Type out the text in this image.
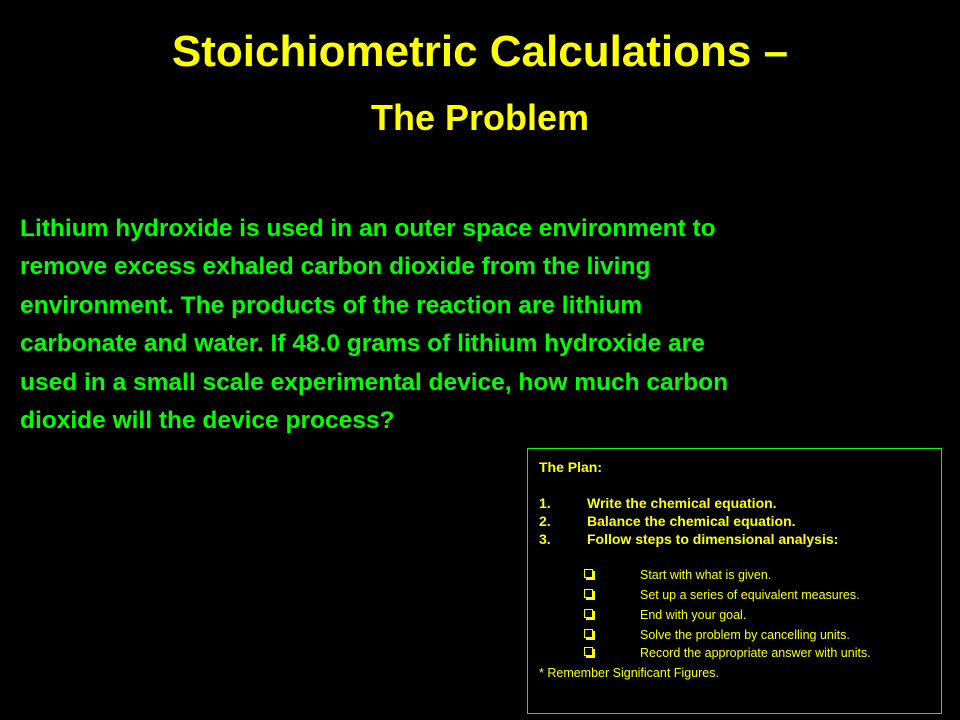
Stoichiometric Calculations –
The Problem
Lithium hydroxide is used in an outer space environment to
remove excess exhaled carbon dioxide from the living
environment. The products of the reaction are lithium
carbonate and water. If 48.0 grams of lithium hydroxide are
used in a small scale experimental device, how much carbon
dioxide will the device process?
The Plan:
1.	Write the chemical equation.
2.	Balance the chemical equation.
3.	Follow steps to dimensional analysis:
Start with what is given.
Set up a series of equivalent measures.
End with your goal.
Solve the problem by cancelling units.
Record the appropriate answer with units.
* Remember Significant Figures.
